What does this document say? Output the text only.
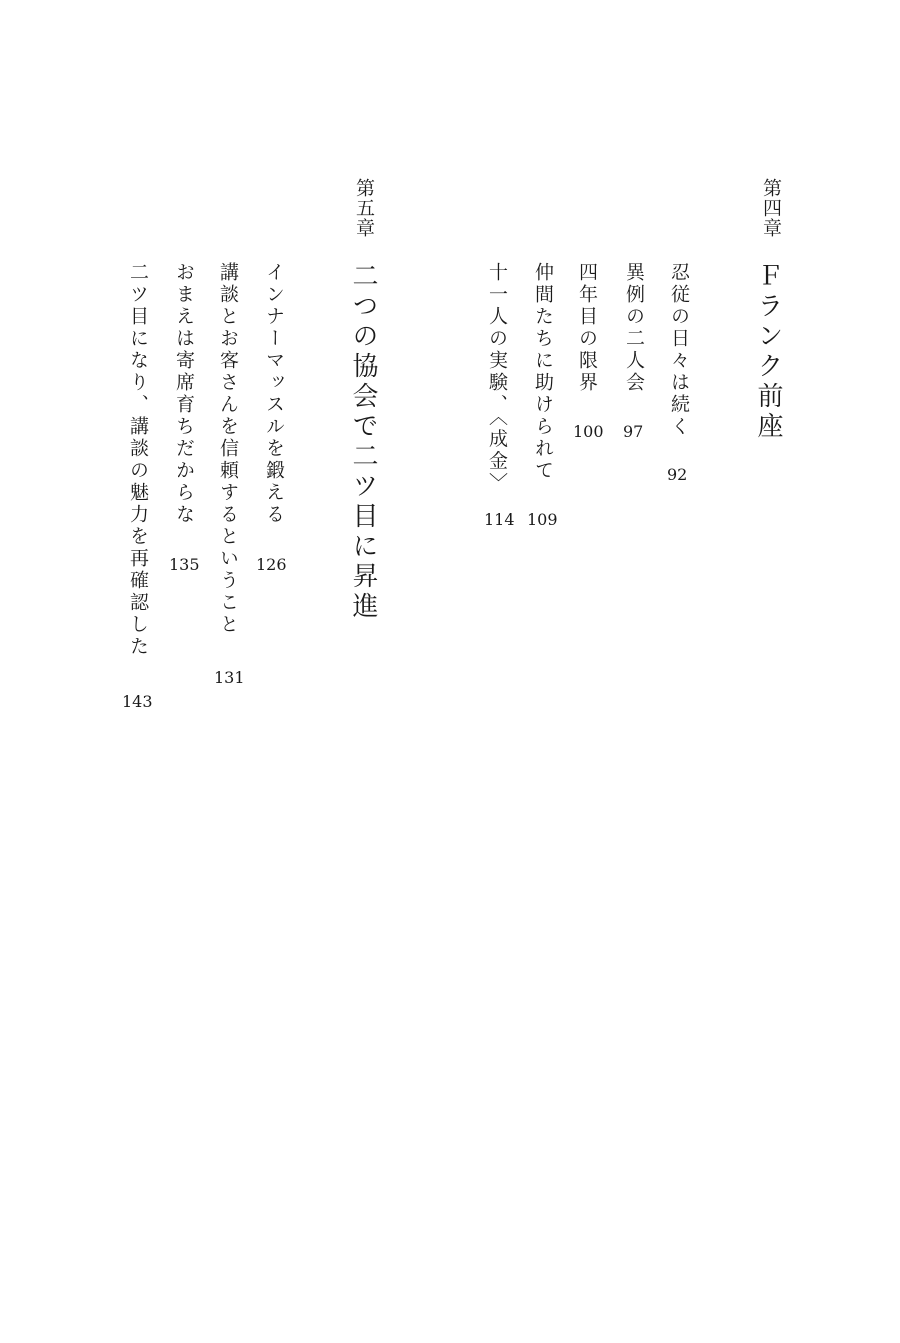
第四章
Ｆランク前座
忍従の日々は続く
92
異例の二人会
97
四年目の限界
100
仲間たちに助けられて
109
十一人の実験、〈成金〉
114
第五章
二つの協会で二ツ目に昇進
インナーマッスルを鍛える
126
講談とお客さんを信頼するということ
131
おまえは寄席育ちだからな
135
二ツ目になり、講談の魅力を再確認した
143
